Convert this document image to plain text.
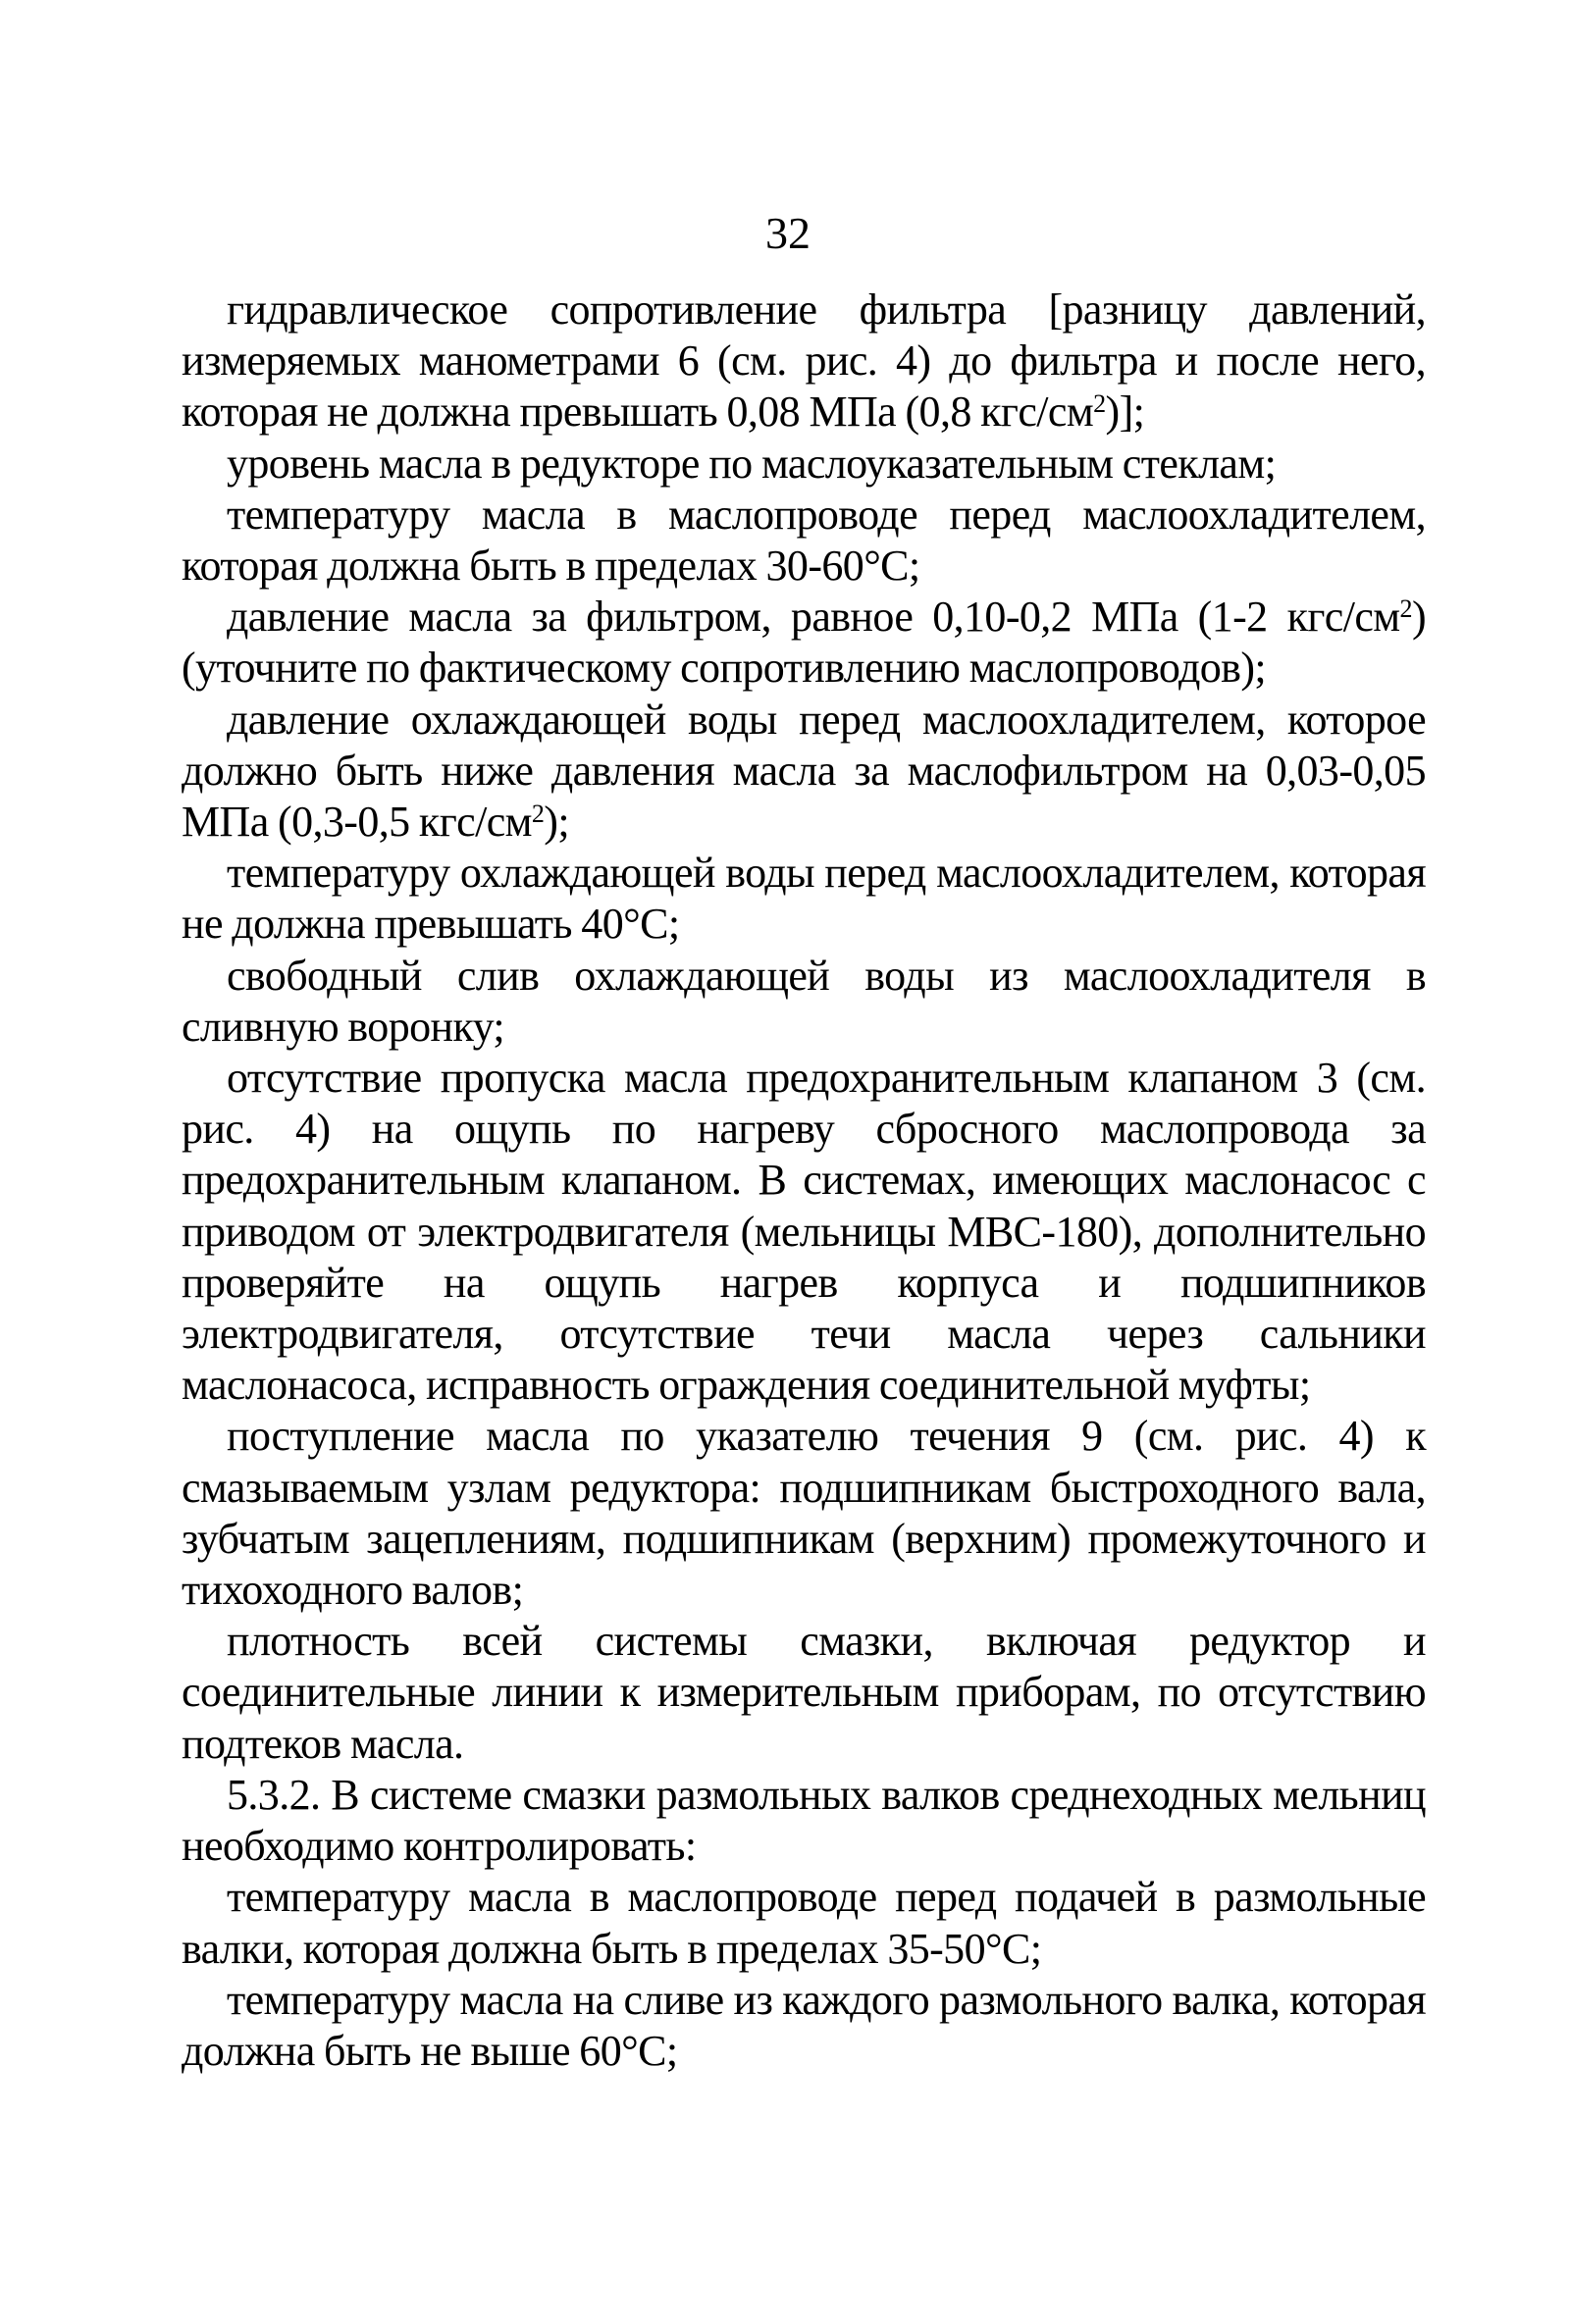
32

гидравлическое сопротивление фильтра [разницу давлений, измеряемых манометрами 6 (см. рис. 4) до фильтра и после него, которая не должна превышать 0,08 МПа (0,8 кгс/$см^2$)];

уровень масла в редукторе по маслоуказательным стеклам;

температуру масла в маслопроводе перед маслоохладителем, которая должна быть в пределах 30-60°С;

давление масла за фильтром, равное 0,10-0,2 МПа (1-2 кгс/$см^2$) (уточните по фактическому сопротивлению маслопроводов);

давление охлаждающей воды перед маслоохладителем, которое должно быть ниже давления масла за маслофильтром на 0,03-0,05 МПа (0,3-0,5 кгс/$см^2$);

температуру охлаждающей воды перед маслоохладителем, которая не должна превышать 40°С;

свободный слив охлаждающей воды из маслоохладителя в сливную воронку;

отсутствие пропуска масла предохранительным клапаном 3 (см. рис. 4) на ощупь по нагреву сбросного маслопровода за предохранительным клапаном. В системах, имеющих маслонасос с приводом от электродвигателя (мельницы МВС-180), дополнительно проверяйте на ощупь нагрев корпуса и подшипников электродвигателя, отсутствие течи масла через сальники маслонасоса, исправность ограждения соединительной муфты;

поступление масла по указателю течения 9 (см. рис. 4) к смазываемым узлам редуктора: подшипникам быстроходного вала, зубчатым зацеплениям, подшипникам (верхним) промежуточного и тихоходного валов;

плотность всей системы смазки, включая редуктор и соединительные линии к измерительным приборам, по отсутствию подтеков масла.

5.3.2. В системе смазки размольных валков среднеходных мельниц необходимо контролировать:

температуру масла в маслопроводе перед подачей в размольные валки, которая должна быть в пределах 35-50°С;

температуру масла на сливе из каждого размольного валка, которая должна быть не выше 60°С;
